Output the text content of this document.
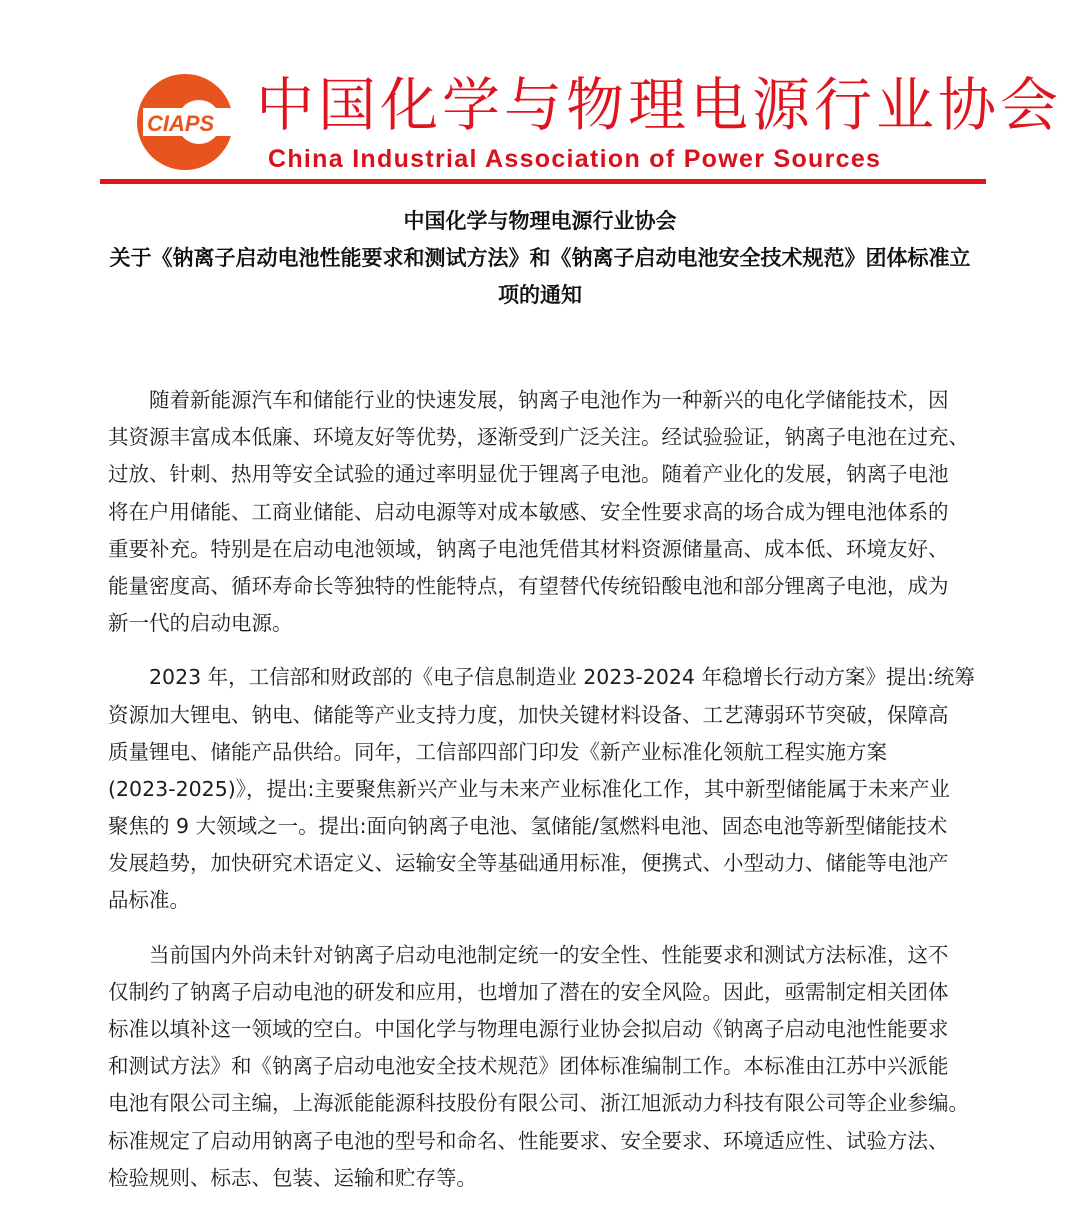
CIAPS 中国化学与物理电源行业协会
China Industrial Association of Power Sources
中国化学与物理电源行业协会
关于《钠离子启动电池性能要求和测试方法》和《钠离子启动电池安全技术规范》团体标准立
项的通知
随着新能源汽车和储能行业的快速发展，钠离子电池作为一种新兴的电化学储能技术，因
其资源丰富成本低廉、环境友好等优势，逐渐受到广泛关注。经试验验证，钠离子电池在过充、
过放、针刺、热用等安全试验的通过率明显优于锂离子电池。随着产业化的发展，钠离子电池
将在户用储能、工商业储能、启动电源等对成本敏感、安全性要求高的场合成为锂电池体系的
重要补充。特别是在启动电池领域，钠离子电池凭借其材料资源储量高、成本低、环境友好、
能量密度高、循环寿命长等独特的性能特点，有望替代传统铅酸电池和部分锂离子电池，成为
新一代的启动电源。
2023 年，工信部和财政部的《电子信息制造业 2023-2024 年稳增长行动方案》提出:统筹
资源加大锂电、钠电、储能等产业支持力度，加快关键材料设备、工艺薄弱环节突破，保障高
质量锂电、储能产品供给。同年，工信部四部门印发《新产业标准化领航工程实施方案
(2023-2025)》，提出:主要聚焦新兴产业与未来产业标准化工作，其中新型储能属于未来产业
聚焦的 9 大领域之一。提出:面向钠离子电池、氢储能/氢燃料电池、固态电池等新型储能技术
发展趋势，加快研究术语定义、运输安全等基础通用标准，便携式、小型动力、储能等电池产
品标准。
当前国内外尚未针对钠离子启动电池制定统一的安全性、性能要求和测试方法标准，这不
仅制约了钠离子启动电池的研发和应用，也增加了潜在的安全风险。因此，亟需制定相关团体
标准以填补这一领域的空白。中国化学与物理电源行业协会拟启动《钠离子启动电池性能要求
和测试方法》和《钠离子启动电池安全技术规范》团体标准编制工作。本标准由江苏中兴派能
电池有限公司主编，上海派能能源科技股份有限公司、浙江旭派动力科技有限公司等企业参编。
标准规定了启动用钠离子电池的型号和命名、性能要求、安全要求、环境适应性、试验方法、
检验规则、标志、包装、运输和贮存等。
